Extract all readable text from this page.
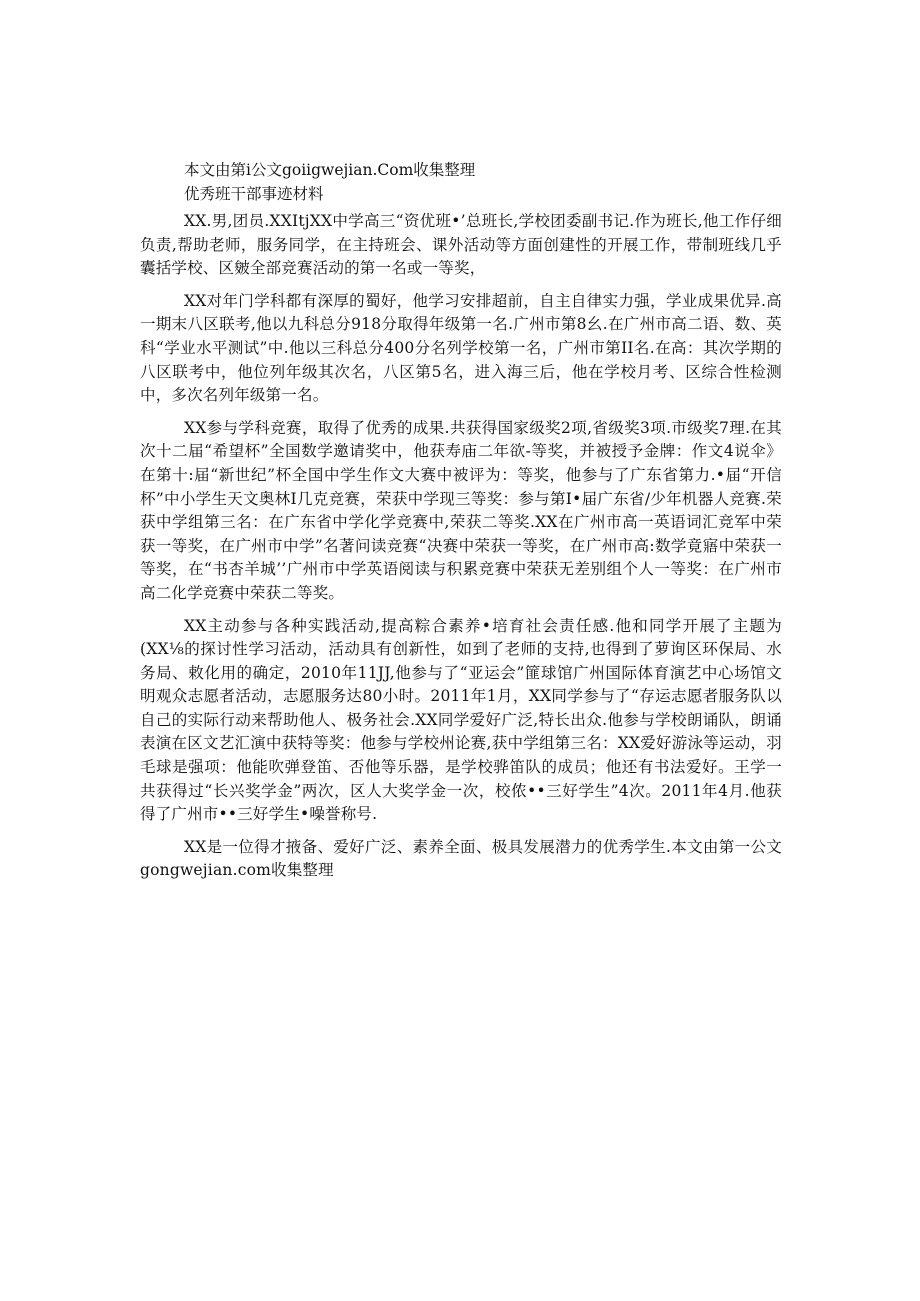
本文由第i公文goiigwejian.Com收集整理

优秀班干部事迹材料

XX.男,团员.XXItjXX中学高三“资优班•’总班长,学校团委副书记.作为班长,他工作仔细负责,帮助老师，服务同学，在主持班会、课外活动等方面创建性的开展工作，带制班线几乎囊括学校、区皴全部竞赛活动的第一名或一等奖，

XX对年门学科都有深厚的蜀好，他学习安排超前，自主自律实力强，学业成果优异.高一期末八区联考,他以九科总分918分取得年级第一名.广州市第8幺.在广州市高二语、数、英科“学业水平测试”中.他以三科总分400分名列学校第一名，广州市第II名.在高：其次学期的八区联考中，他位列年级其次名，八区第5名，进入海三后，他在学校月考、区综合性检测中，多次名列年级第一名。

XX参与学科竞赛，取得了优秀的成果.共获得国家级奖2项,省级奖3项.市级奖7理.在其次十二届“希望杯”全国数学邀请奖中，他获寿庙二年欲-等奖，并被授予金牌：作文4说伞》在第十:届“新世纪”杯全国中学生作文大赛中被评为：等奖，他参与了广东省第力.•届“开信杯”中小学生天文奥林I几克竞赛，荣获中学现三等奖：参与第I•届广东省/少年机器人竞赛.荣获中学组第三名：在广东省中学化学竞赛中,荣获二等奖.XX在广州市高一英语词汇竞军中荣获一等奖，在广州市中学”名著问读竞赛“决赛中荣获一等奖，在广州市高:数学竟寤中荣获一等奖，在“书杏羊城’’广州市中学英语阅读与积累竞赛中荣获无差别组个人一等奖：在广州市高二化学竞赛中荣获二等奖。

XX主动参与各种实践活动,提高粽合素养•培育社会责任感.他和同学开展了主题为(XX⅛的探讨性学习活动，活动具有创新性，如到了老师的支持,也得到了萝询区环保局、水务局、敕化用的确定，2010年11JJ,他参与了“亚运会”篚球馆广州国际体育演艺中心场馆文明观众志愿者活动，志愿服务达80小时。2011年1月，XX同学参与了“存运志愿者服务队以自己的实际行动来帮助他人、极务社会.XX同学爱好广泛,特长出众.他参与学校朗诵队，朗诵表演在区文艺汇演中获特等奖：他参与学校州论赛,获中学组第三名：XX爱好游泳等运动，羽毛球是强项：他能吹弹登笛、否他等乐器，是学校骅笛队的成员；他还有书法爱好。王学一共获得过“长兴奖学金”两次，区人大奖学金一次，校侬••三好学生”4次。2011年4月.他获得了广州市••三好学生•噪誉称号.

XX是一位得才掖备、爱好广泛、素养全面、极具发展潜力的优秀学生.本文由第一公文gongwejian.com收集整理
